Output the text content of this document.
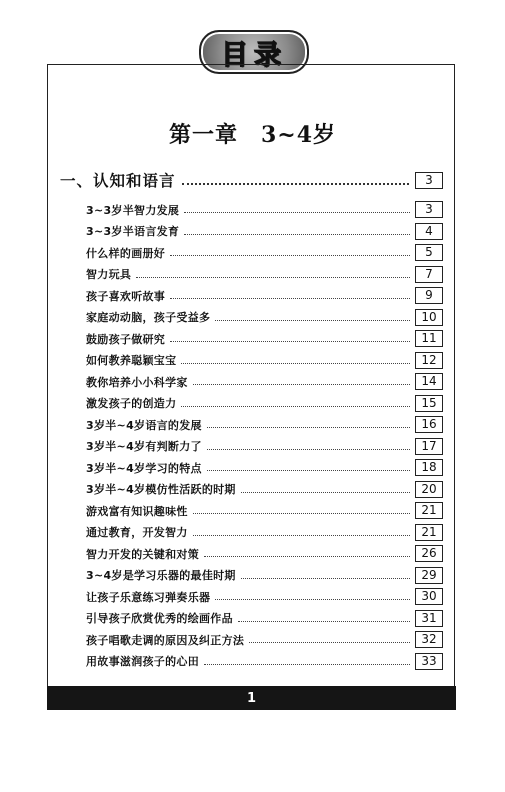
目录
第一章　3~4岁
一、认知和语言	3
3~3岁半智力发展	3
3~3岁半语言发育	4
什么样的画册好	5
智力玩具	7
孩子喜欢听故事	9
家庭动动脑，孩子受益多	10
鼓励孩子做研究	11
如何教养聪颖宝宝	12
教你培养小小科学家	14
激发孩子的创造力	15
3岁半~4岁语言的发展	16
3岁半~4岁有判断力了	17
3岁半~4岁学习的特点	18
3岁半~4岁模仿性活跃的时期	20
游戏富有知识趣味性	21
通过教育，开发智力	21
智力开发的关键和对策	26
3~4岁是学习乐器的最佳时期	29
让孩子乐意练习弹奏乐器	30
引导孩子欣赏优秀的绘画作品	31
孩子唱歌走调的原因及纠正方法	32
用故事滋润孩子的心田	33
1
